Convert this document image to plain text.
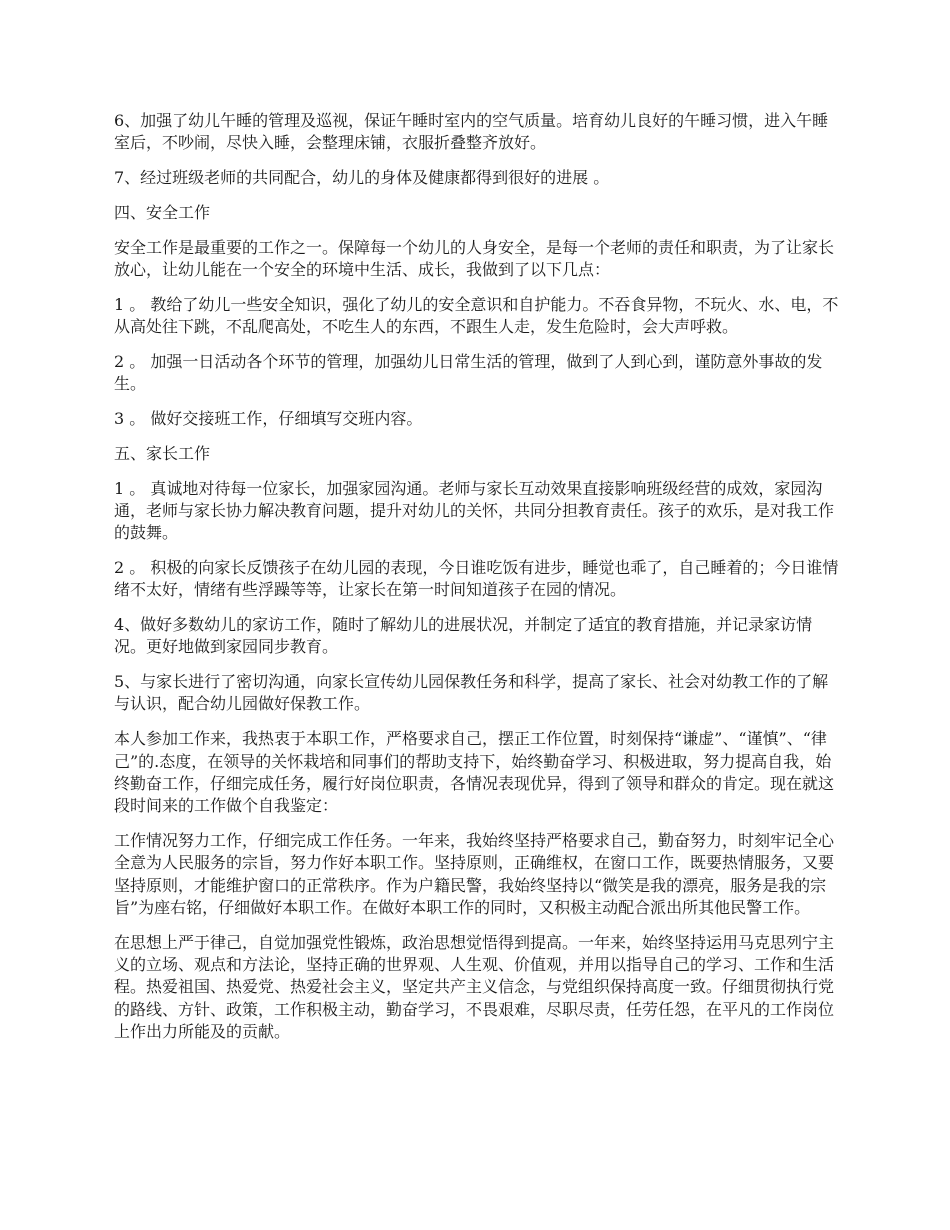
6、加强了幼儿午睡的管理及巡视，保证午睡时室内的空气质量。培育幼儿良好的午睡习惯，进入午睡室后，不吵闹，尽快入睡，会整理床铺，衣服折叠整齐放好。

7、经过班级老师的共同配合，幼儿的身体及健康都得到很好的进展 。

四、安全工作

安全工作是最重要的工作之一。保障每一个幼儿的人身安全，是每一个老师的责任和职责，为了让家长放心，让幼儿能在一个安全的环境中生活、成长，我做到了以下几点：

1 。 教给了幼儿一些安全知识，强化了幼儿的安全意识和自护能力。不吞食异物，不玩火、水、电，不从高处往下跳，不乱爬高处，不吃生人的东西，不跟生人走，发生危险时，会大声呼救。

2 。 加强一日活动各个环节的管理，加强幼儿日常生活的管理，做到了人到心到，谨防意外事故的发生。

3 。 做好交接班工作，仔细填写交班内容。

五、家长工作

1 。 真诚地对待每一位家长，加强家园沟通。老师与家长互动效果直接影响班级经营的成效，家园沟通，老师与家长协力解决教育问题，提升对幼儿的关怀，共同分担教育责任。孩子的欢乐，是对我工作的鼓舞。

2 。 积极的向家长反馈孩子在幼儿园的表现，今日谁吃饭有进步，睡觉也乖了，自己睡着的；今日谁情绪不太好，情绪有些浮躁等等，让家长在第一时间知道孩子在园的情况。

4、做好多数幼儿的家访工作，随时了解幼儿的进展状况，并制定了适宜的教育措施，并记录家访情况。更好地做到家园同步教育。

5、与家长进行了密切沟通，向家长宣传幼儿园保教任务和科学，提高了家长、社会对幼教工作的了解与认识，配合幼儿园做好保教工作。

本人参加工作来，我热衷于本职工作，严格要求自己，摆正工作位置，时刻保持“谦虚”、“谨慎”、“律己”的.态度，在领导的关怀栽培和同事们的帮助支持下，始终勤奋学习、积极进取，努力提高自我，始终勤奋工作，仔细完成任务，履行好岗位职责，各情况表现优异，得到了领导和群众的肯定。现在就这段时间来的工作做个自我鉴定：

工作情况努力工作，仔细完成工作任务。一年来，我始终坚持严格要求自己，勤奋努力，时刻牢记全心全意为人民服务的宗旨，努力作好本职工作。坚持原则，正确维权，在窗口工作，既要热情服务，又要坚持原则，才能维护窗口的正常秩序。作为户籍民警，我始终坚持以“微笑是我的漂亮，服务是我的宗旨”为座右铭，仔细做好本职工作。在做好本职工作的同时，又积极主动配合派出所其他民警工作。

在思想上严于律己，自觉加强党性锻炼，政治思想觉悟得到提高。一年来，始终坚持运用马克思列宁主义的立场、观点和方法论，坚持正确的世界观、人生观、价值观，并用以指导自己的学习、工作和生活程。热爱祖国、热爱党、热爱社会主义，坚定共产主义信念，与党组织保持高度一致。仔细贯彻执行党的路线、方针、政策，工作积极主动，勤奋学习，不畏艰难，尽职尽责，任劳任怨，在平凡的工作岗位上作出力所能及的贡献。
